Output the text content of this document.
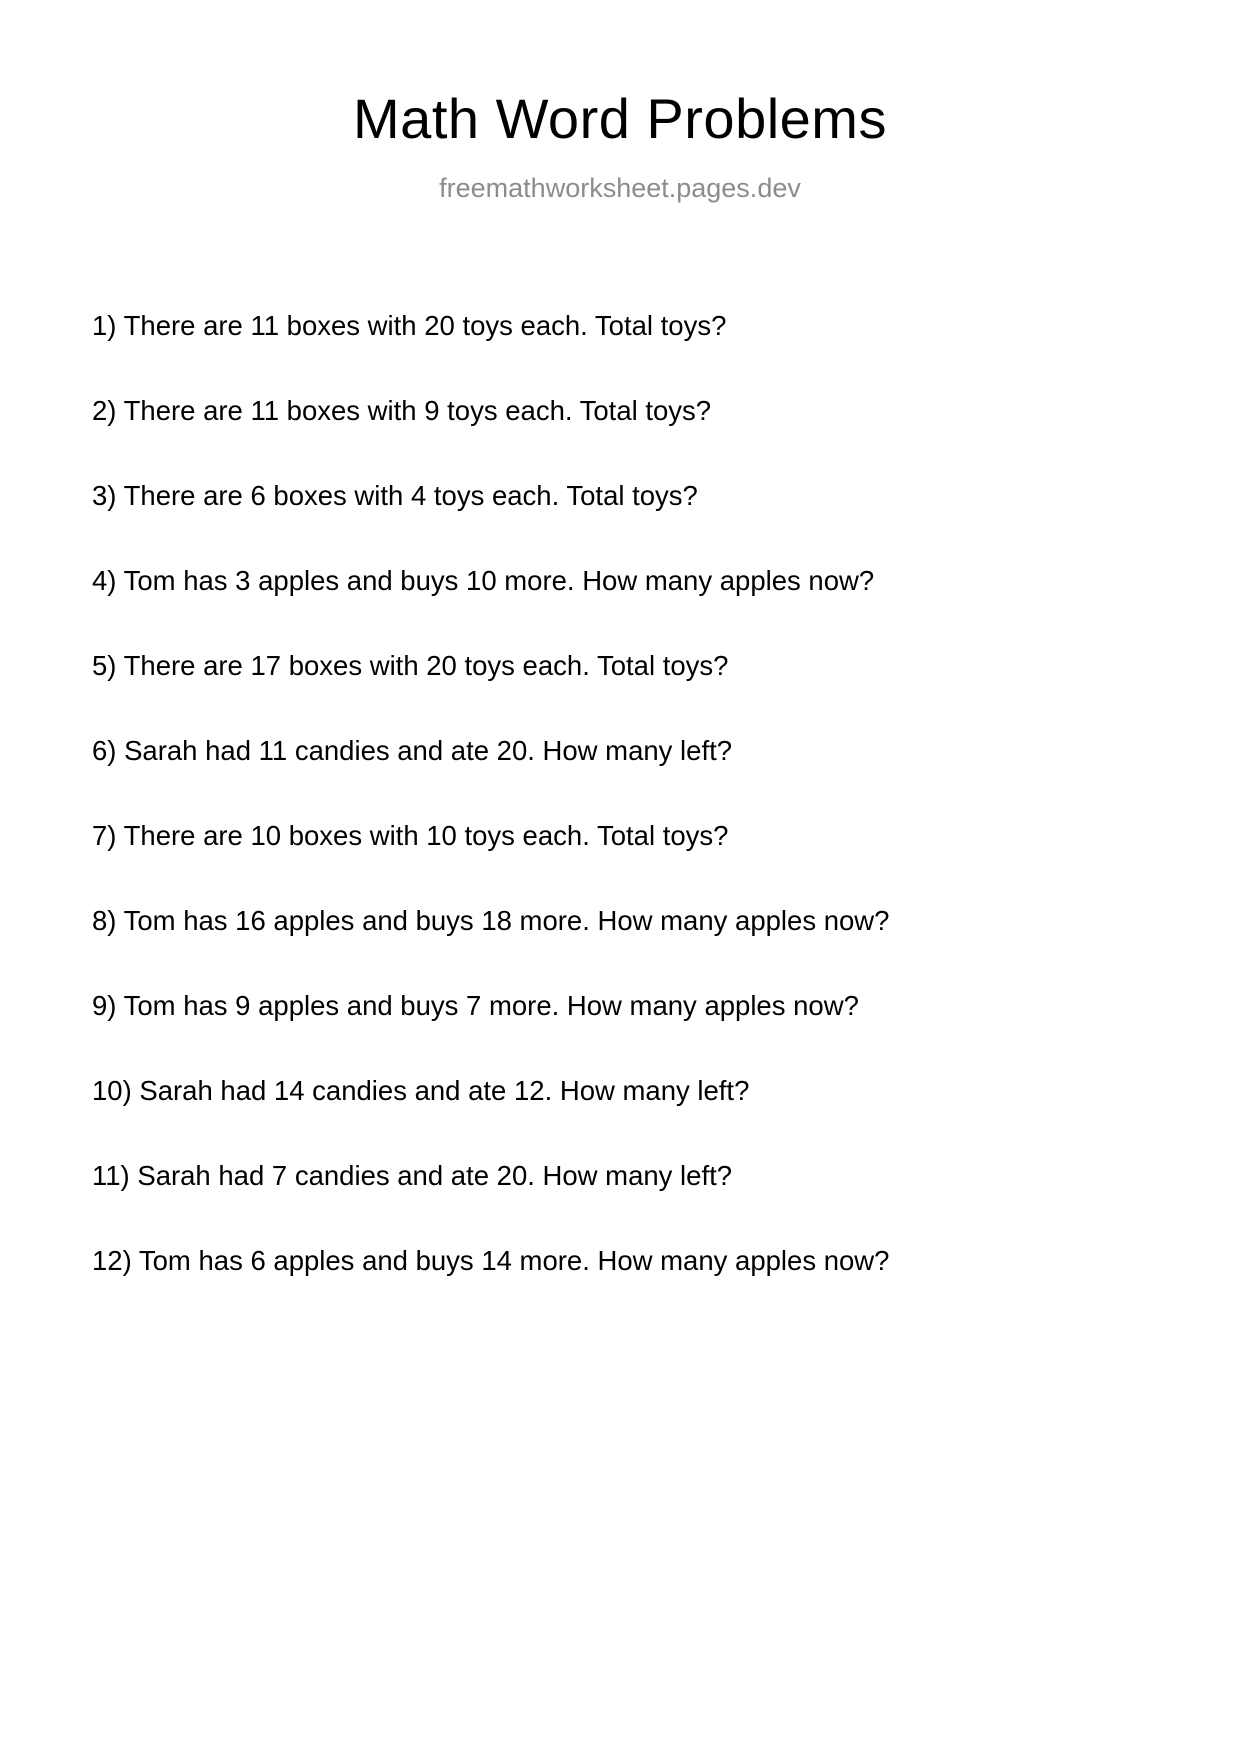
Math Word Problems
freemathworksheet.pages.dev
1) There are 11 boxes with 20 toys each. Total toys?
2) There are 11 boxes with 9 toys each. Total toys?
3) There are 6 boxes with 4 toys each. Total toys?
4) Tom has 3 apples and buys 10 more. How many apples now?
5) There are 17 boxes with 20 toys each. Total toys?
6) Sarah had 11 candies and ate 20. How many left?
7) There are 10 boxes with 10 toys each. Total toys?
8) Tom has 16 apples and buys 18 more. How many apples now?
9) Tom has 9 apples and buys 7 more. How many apples now?
10) Sarah had 14 candies and ate 12. How many left?
11) Sarah had 7 candies and ate 20. How many left?
12) Tom has 6 apples and buys 14 more. How many apples now?
